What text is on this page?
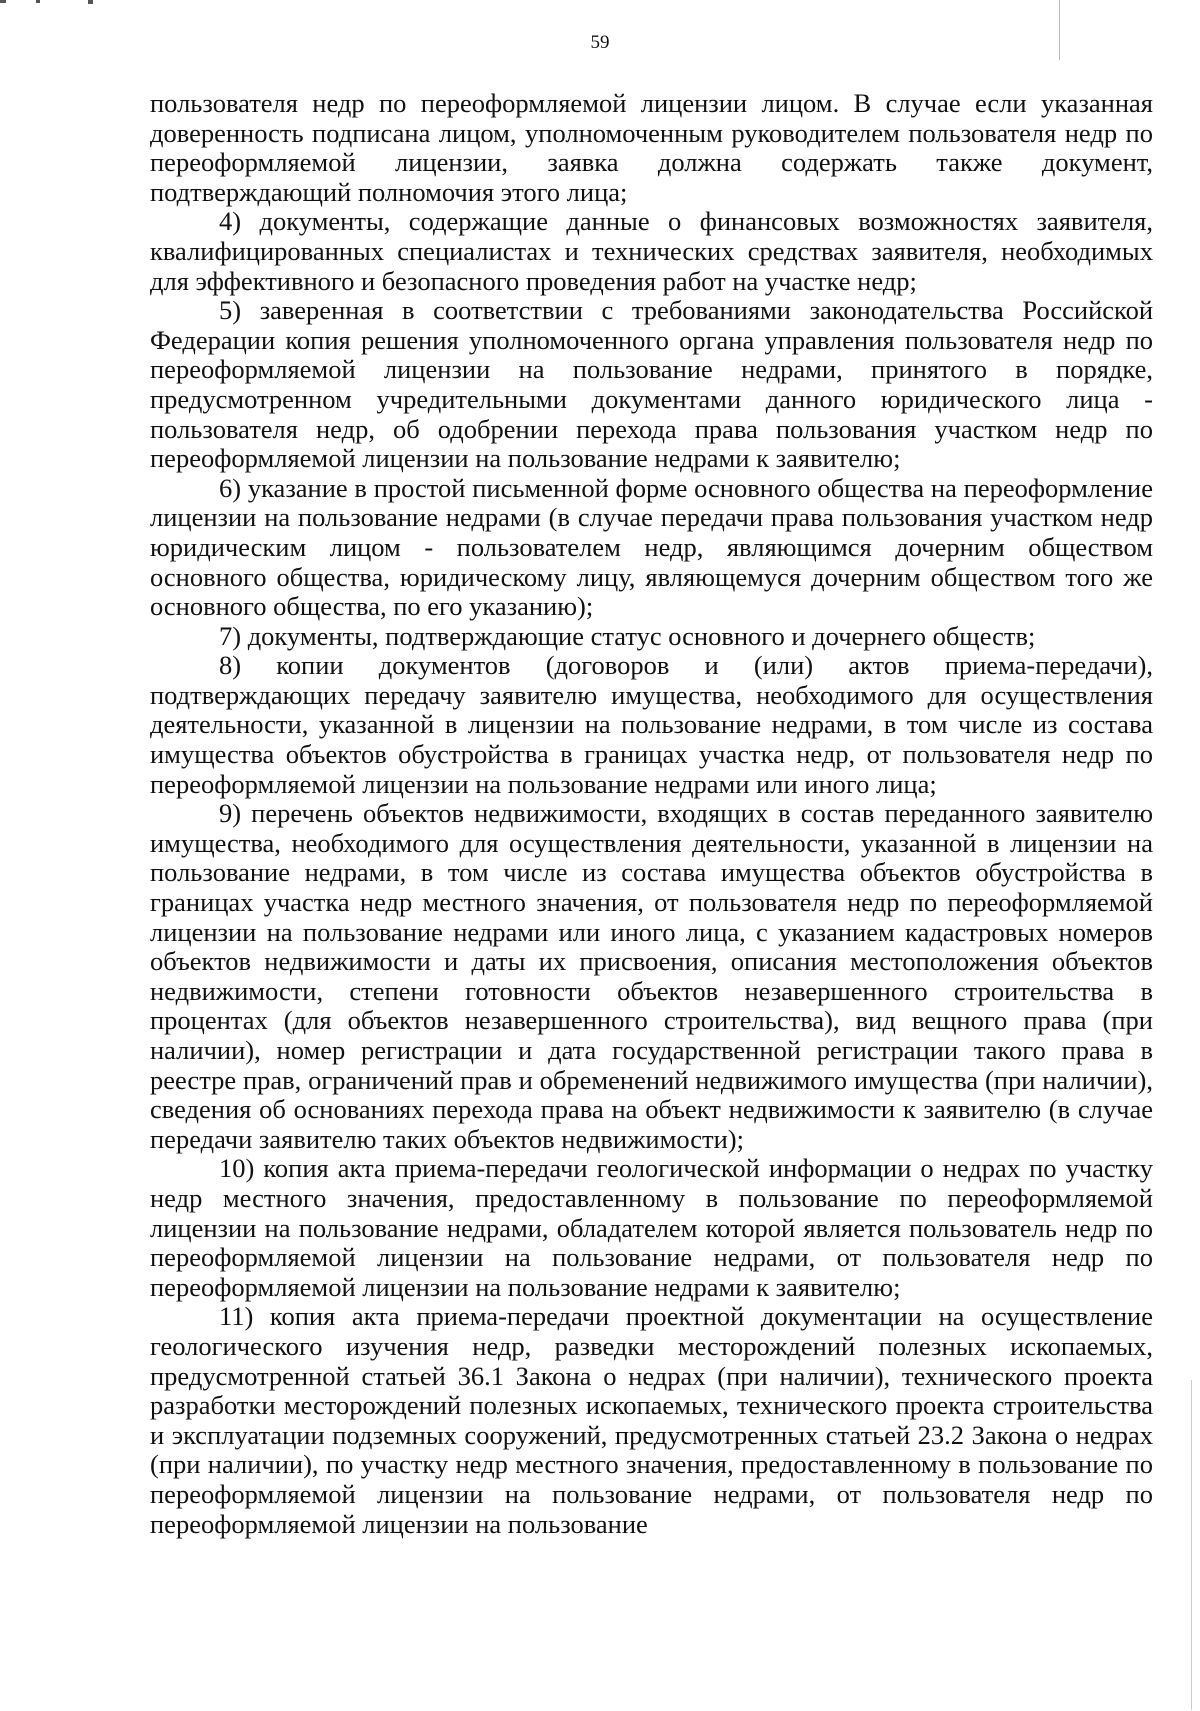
59

пользователя недр по переоформляемой лицензии лицом. В случае если указанная доверенность подписана лицом, уполномоченным руководителем пользователя недр по переоформляемой лицензии, заявка должна содержать также документ, подтверждающий полномочия этого лица;

4) документы, содержащие данные о финансовых возможностях заявителя, квалифицированных специалистах и технических средствах заявителя, необходимых для эффективного и безопасного проведения работ на участке недр;

5) заверенная в соответствии с требованиями законодательства Российской Федерации копия решения уполномоченного органа управления пользователя недр по переоформляемой лицензии на пользование недрами, принятого в порядке, предусмотренном учредительными документами данного юридического лица - пользователя недр, об одобрении перехода права пользования участком недр по переоформляемой лицензии на пользование недрами к заявителю;

6) указание в простой письменной форме основного общества на переоформление лицензии на пользование недрами (в случае передачи права пользования участком недр юридическим лицом - пользователем недр, являющимся дочерним обществом основного общества, юридическому лицу, являющемуся дочерним обществом того же основного общества, по его указанию);

7) документы, подтверждающие статус основного и дочернего обществ;

8) копии документов (договоров и (или) актов приема-передачи), подтверждающих передачу заявителю имущества, необходимого для осуществления деятельности, указанной в лицензии на пользование недрами, в том числе из состава имущества объектов обустройства в границах участка недр, от пользователя недр по переоформляемой лицензии на пользование недрами или иного лица;

9) перечень объектов недвижимости, входящих в состав переданного заявителю имущества, необходимого для осуществления деятельности, указанной в лицензии на пользование недрами, в том числе из состава имущества объектов обустройства в границах участка недр местного значения, от пользователя недр по переоформляемой лицензии на пользование недрами или иного лица, с указанием кадастровых номеров объектов недвижимости и даты их присвоения, описания местоположения объектов недвижимости, степени готовности объектов незавершенного строительства в процентах (для объектов незавершенного строительства), вид вещного права (при наличии), номер регистрации и дата государственной регистрации такого права в реестре прав, ограничений прав и обременений недвижимого имущества (при наличии), сведения об основаниях перехода права на объект недвижимости к заявителю (в случае передачи заявителю таких объектов недвижимости);

10) копия акта приема-передачи геологической информации о недрах по участку недр местного значения, предоставленному в пользование по переоформляемой лицензии на пользование недрами, обладателем которой является пользователь недр по переоформляемой лицензии на пользование недрами, от пользователя недр по переоформляемой лицензии на пользование недрами к заявителю;

11) копия акта приема-передачи проектной документации на осуществление геологического изучения недр, разведки месторождений полезных ископаемых, предусмотренной статьей 36.1 Закона о недрах (при наличии), технического проекта разработки месторождений полезных ископаемых, технического проекта строительства и эксплуатации подземных сооружений, предусмотренных статьей 23.2 Закона о недрах (при наличии), по участку недр местного значения, предоставленному в пользование по переоформляемой лицензии на пользование недрами, от пользователя недр по переоформляемой лицензии на пользование
